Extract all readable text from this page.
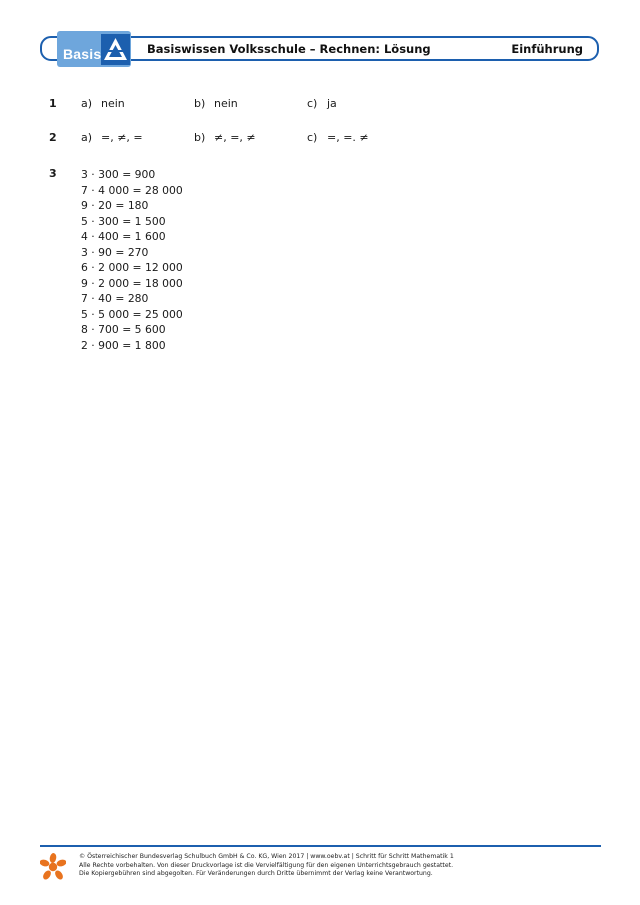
Basis	Basiswissen Volksschule – Rechnen: Lösung	Einführung
1 a) nein	b) nein	c) ja
2 a) =, ≠, =	b) ≠, =, ≠	c) =, =. ≠
3 3 · 300 = 900
7 · 4 000 = 28 000
9 · 20 = 180
5 · 300 = 1 500
4 · 400 = 1 600
3 · 90 = 270
6 · 2 000 = 12 000
9 · 2 000 = 18 000
7 · 40 = 280
5 · 5 000 = 25 000
8 · 700 = 5 600
2 · 900 = 1 800
© Österreichischer Bundesverlag Schulbuch GmbH & Co. KG, Wien 2017 | www.oebv.at | Schritt für Schritt Mathematik 1
Alle Rechte vorbehalten. Von dieser Druckvorlage ist die Vervielfältigung für den eigenen Unterrichtsgebrauch gestattet.
Die Kopiergebühren sind abgegolten. Für Veränderungen durch Dritte übernimmt der Verlag keine Verantwortung.
